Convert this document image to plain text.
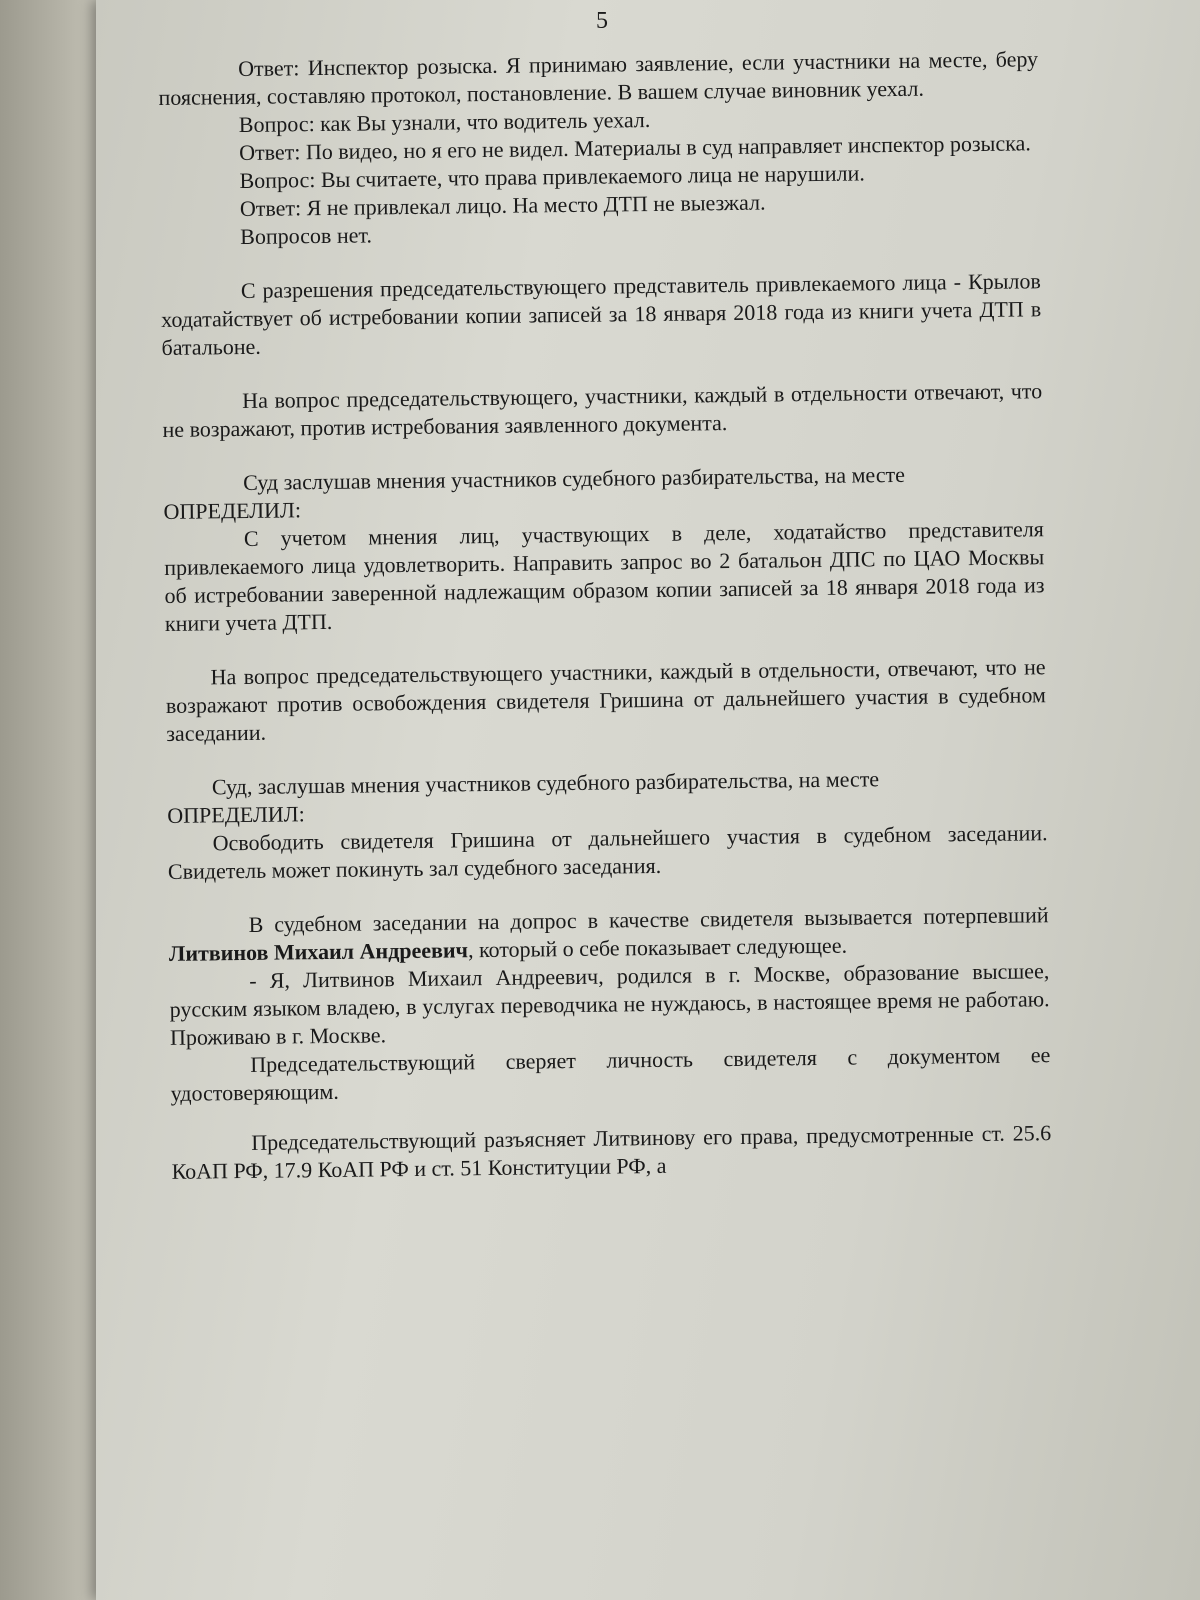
5

Ответ: Инспектор розыска. Я принимаю заявление, если участники на месте, беру пояснения, составляю протокол, постановление. В вашем случае виновник уехал.

Вопрос: как Вы узнали, что водитель уехал.

Ответ: По видео, но я его не видел. Материалы в суд направляет инспектор розыска.

Вопрос: Вы считаете, что права привлекаемого лица не нарушили.

Ответ: Я не привлекал лицо. На место ДТП не выезжал.

Вопросов нет.

С разрешения председательствующего представитель привлекаемого лица - Крылов ходатайствует об истребовании копии записей за 18 января 2018 года из книги учета ДТП в батальоне.

На вопрос председательствующего, участники, каждый в отдельности отвечают, что не возражают, против истребования заявленного документа.

Суд заслушав мнения участников судебного разбирательства, на месте

ОПРЕДЕЛИЛ:

С учетом мнения лиц, участвующих в деле, ходатайство представителя привлекаемого лица удовлетворить. Направить запрос во 2 батальон ДПС по ЦАО Москвы об истребовании заверенной надлежащим образом копии записей за 18 января 2018 года из книги учета ДТП.

На вопрос председательствующего участники, каждый в отдельности, отвечают, что не возражают против освобождения свидетеля Гришина от дальнейшего участия в судебном заседании.

Суд, заслушав мнения участников судебного разбирательства, на месте

ОПРЕДЕЛИЛ:

Освободить свидетеля Гришина от дальнейшего участия в судебном заседании. Свидетель может покинуть зал судебного заседания.

В судебном заседании на допрос в качестве свидетеля вызывается потерпевший Литвинов Михаил Андреевич, который о себе показывает следующее.

- Я, Литвинов Михаил Андреевич, родился в г. Москве, образование высшее, русским языком владею, в услугах переводчика не нуждаюсь, в настоящее время не работаю. Проживаю в г. Москве.

Председательствующий сверяет личность свидетеля с документом ее удостоверяющим.

Председательствующий разъясняет Литвинову его права, предусмотренные ст. 25.6 КоАП РФ, 17.9 КоАП РФ и ст. 51 Конституции РФ, а
